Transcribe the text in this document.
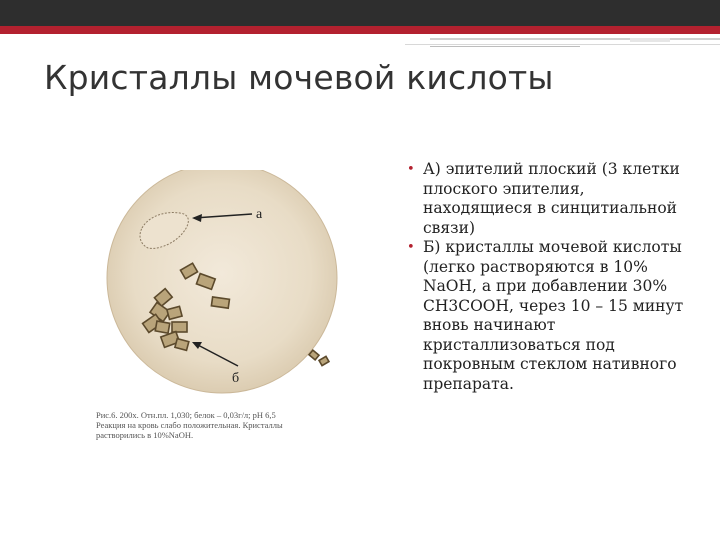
Кристаллы мочевой кислоты
а
б
Рис.6. 200x. Отн.пл. 1,030; белок – 0,03г/л; pH 6,5
Реакция на кровь слабо положительная. Кристаллы
растворились в 10%NaOH.
• А) эпителий плоский (3 клетки плоского эпителия, находящиеся в синцитиальной связи)
• Б) кристаллы мочевой кислоты (легко растворяются в 10% NaOH, а при добавлении 30% CH3COOH, через 10 – 15 минут вновь начинают кристаллизоваться под покровным стеклом нативного препарата.
